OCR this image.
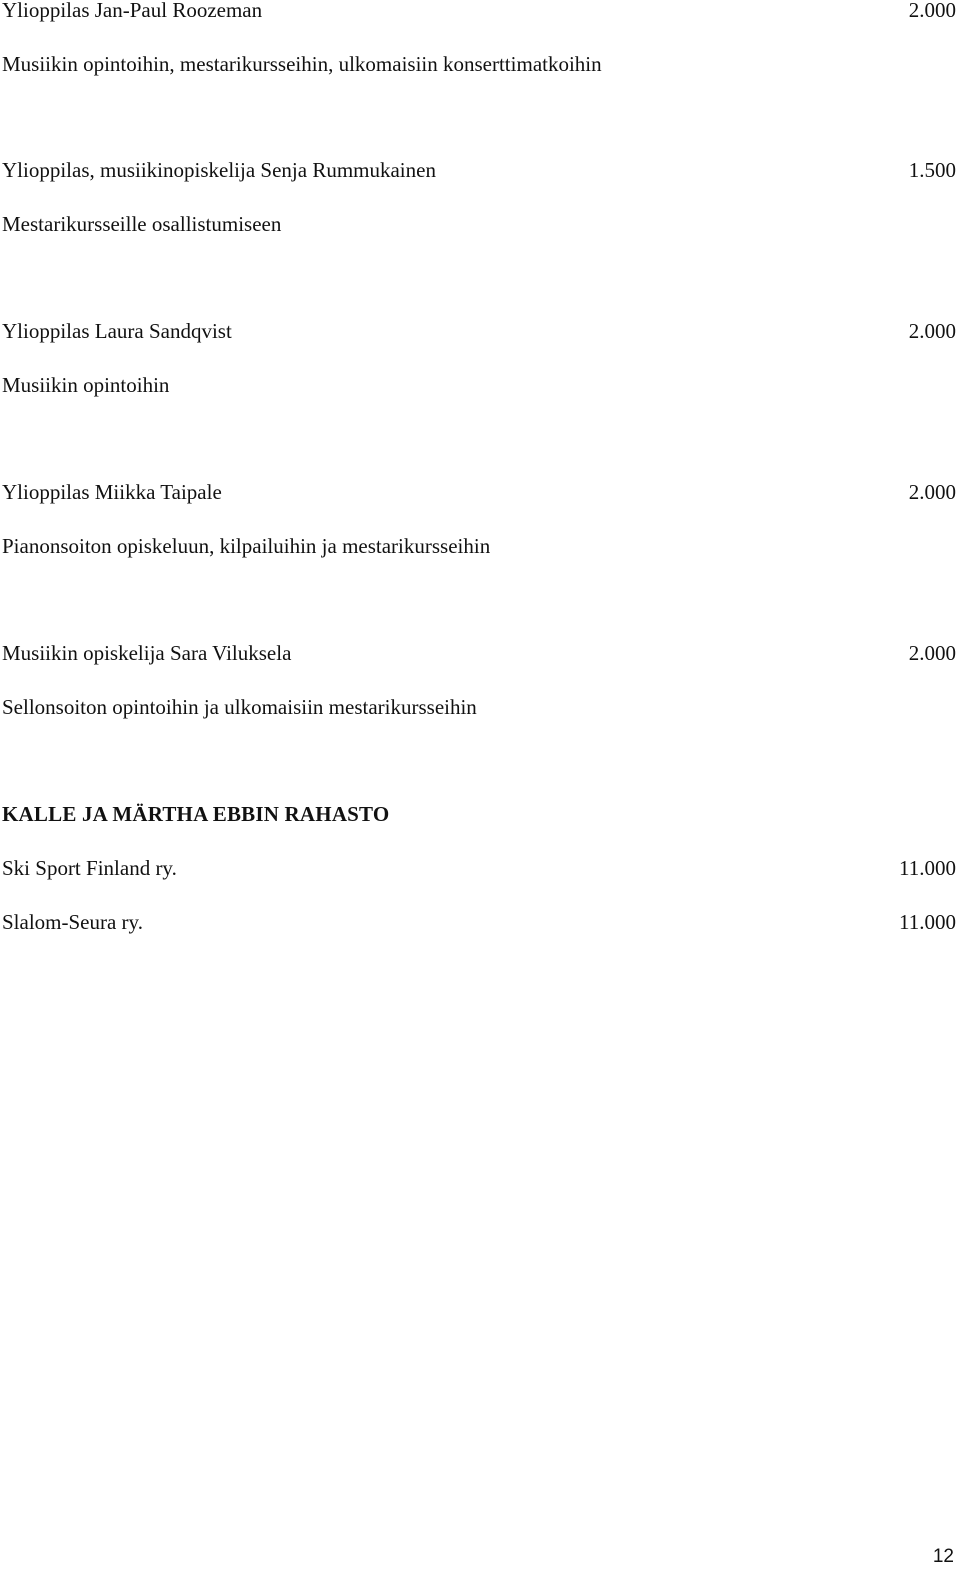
Ylioppilas Jan-Paul Roozeman	2.000
Musiikin opintoihin, mestarikursseihin, ulkomaisiin konserttimatkoihin
Ylioppilas, musiikinopiskelija Senja Rummukainen	1.500
Mestarikursseille osallistumiseen
Ylioppilas Laura Sandqvist	2.000
Musiikin opintoihin
Ylioppilas Miikka Taipale	2.000
Pianonsoiton opiskeluun, kilpailuihin ja mestarikursseihin
Musiikin opiskelija Sara Viluksela	2.000
Sellonsoiton opintoihin ja ulkomaisiin mestarikursseihin
KALLE JA MÄRTHA EBBIN RAHASTO
Ski Sport Finland ry.	11.000
Slalom-Seura ry.	11.000
12
